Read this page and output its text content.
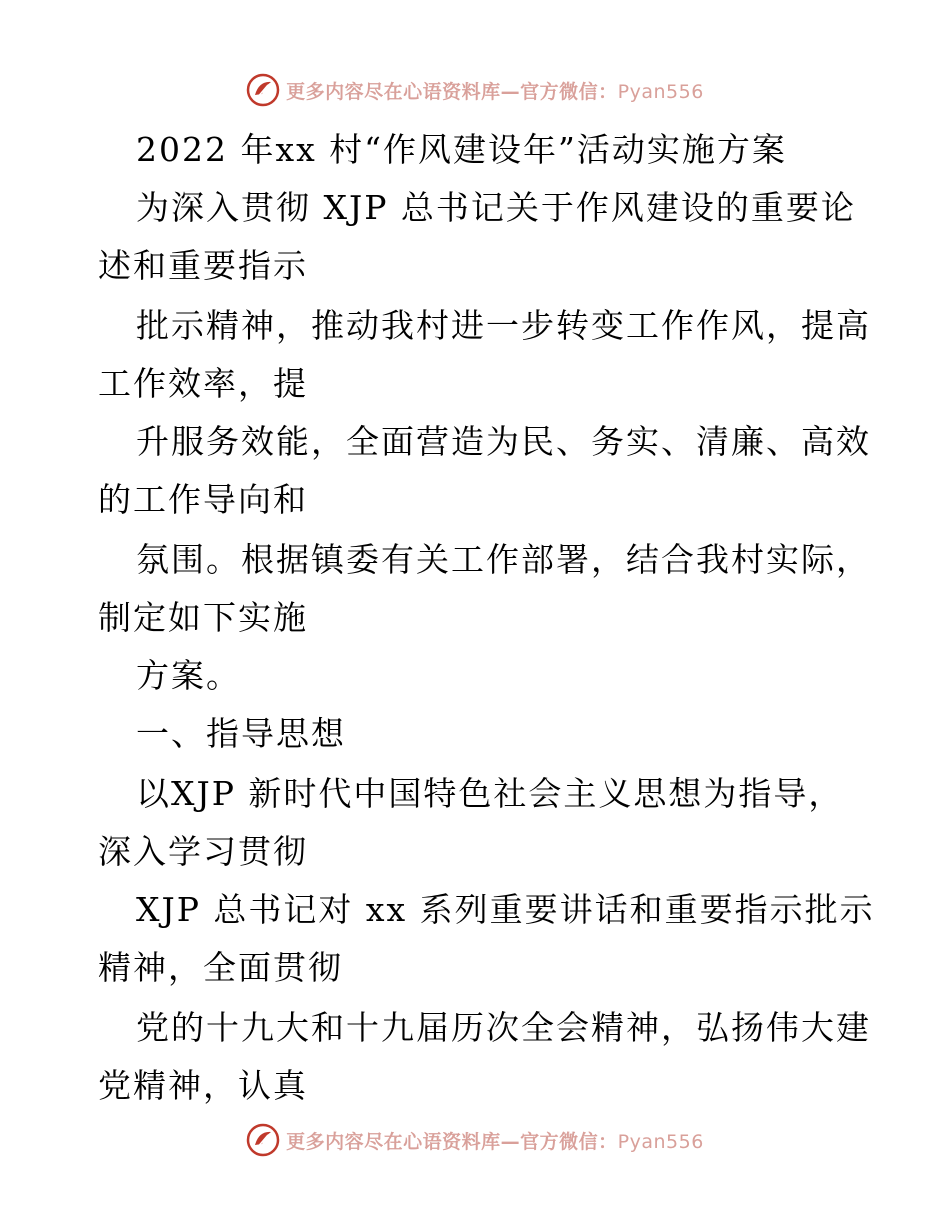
更多内容尽在心语资料库—官方微信：Pyan556
2022 年xx 村“作风建设年”活动实施方案
为深入贯彻 XJP 总书记关于作风建设的重要论
述和重要指示
批示精神，推动我村进一步转变工作作风，提高
工作效率，提
升服务效能，全面营造为民、务实、清廉、高效
的工作导向和
氛围。根据镇委有关工作部署，结合我村实际，
制定如下实施
方案。
一、指导思想
以XJP 新时代中国特色社会主义思想为指导，
深入学习贯彻
XJP 总书记对 xx 系列重要讲话和重要指示批示
精神，全面贯彻
党的十九大和十九届历次全会精神，弘扬伟大建
党精神，认真
更多内容尽在心语资料库—官方微信：Pyan556
